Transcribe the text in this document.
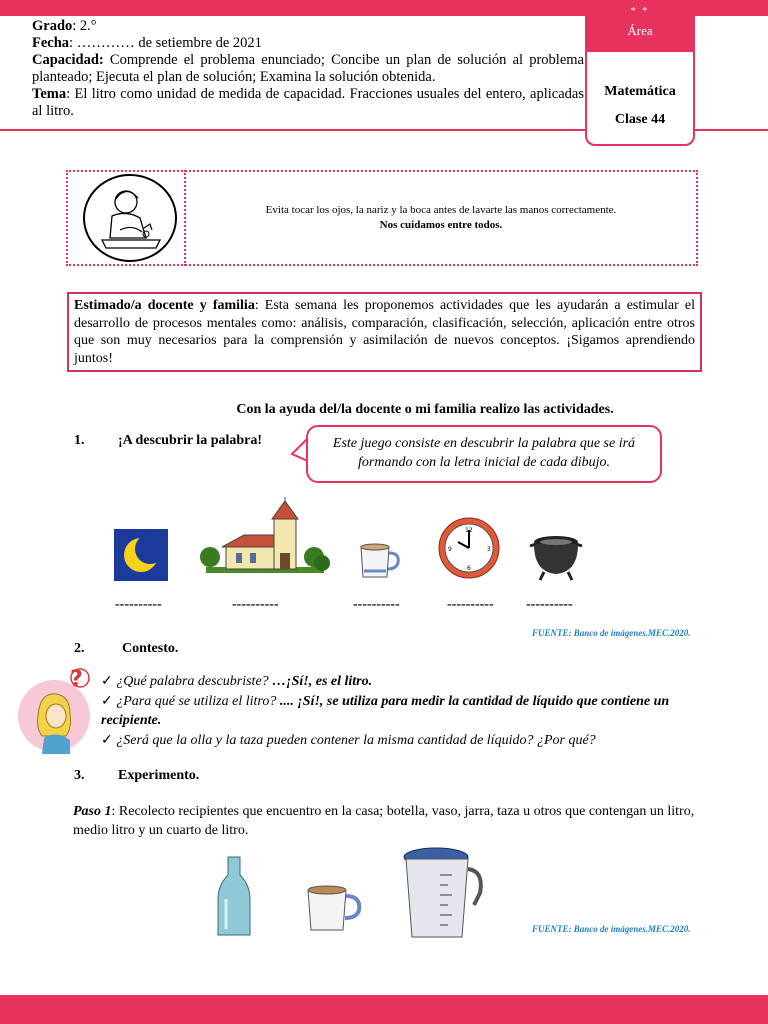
Grado: 2.°
Fecha: ………… de setiembre de 2021
Capacidad: Comprende el problema enunciado; Concibe un plan de solución al problema planteado; Ejecuta el plan de solución; Examina la solución obtenida.
Tema: El litro como unidad de medida de capacidad. Fracciones usuales del entero, aplicadas al litro.
* *
Área
Matemática
Clase 44
Evita tocar los ojos, la nariz y la boca antes de lavarte las manos correctamente.
Nos cuidamos entre todos.
Estimado/a docente y familia: Esta semana les proponemos actividades que les ayudarán a estimular el desarrollo de procesos mentales como: análisis, comparación, clasificación, selección, aplicación entre otros que son muy necesarios para la comprensión y asimilación de nuevos conceptos. ¡Sigamos aprendiendo juntos!
Con la ayuda del/la docente o mi familia realizo las actividades.
1. ¡A descubrir la palabra!	Este juego consiste en descubrir la palabra que se irá formando con la letra inicial de cada dibujo.
12
3
6
9
----------	----------	----------	---------- ----------
FUENTE: Banco de imágenes.MEC.2020.
2.	Contesto.
? ✓ ¿Qué palabra descubriste? …¡Sí!, es el litro.
✓ ¿Para qué se utiliza el litro? .... ¡Sí!, se utiliza para medir la cantidad de líquido que contiene un recipiente.
✓ ¿Será que la olla y la taza pueden contener la misma cantidad de líquido? ¿Por qué?
3. Experimento.
Paso 1: Recolecto recipientes que encuentro en la casa; botella, vaso, jarra, taza u otros que contengan un litro, medio litro y un cuarto de litro.
FUENTE: Banco de imágenes.MEC.2020.
